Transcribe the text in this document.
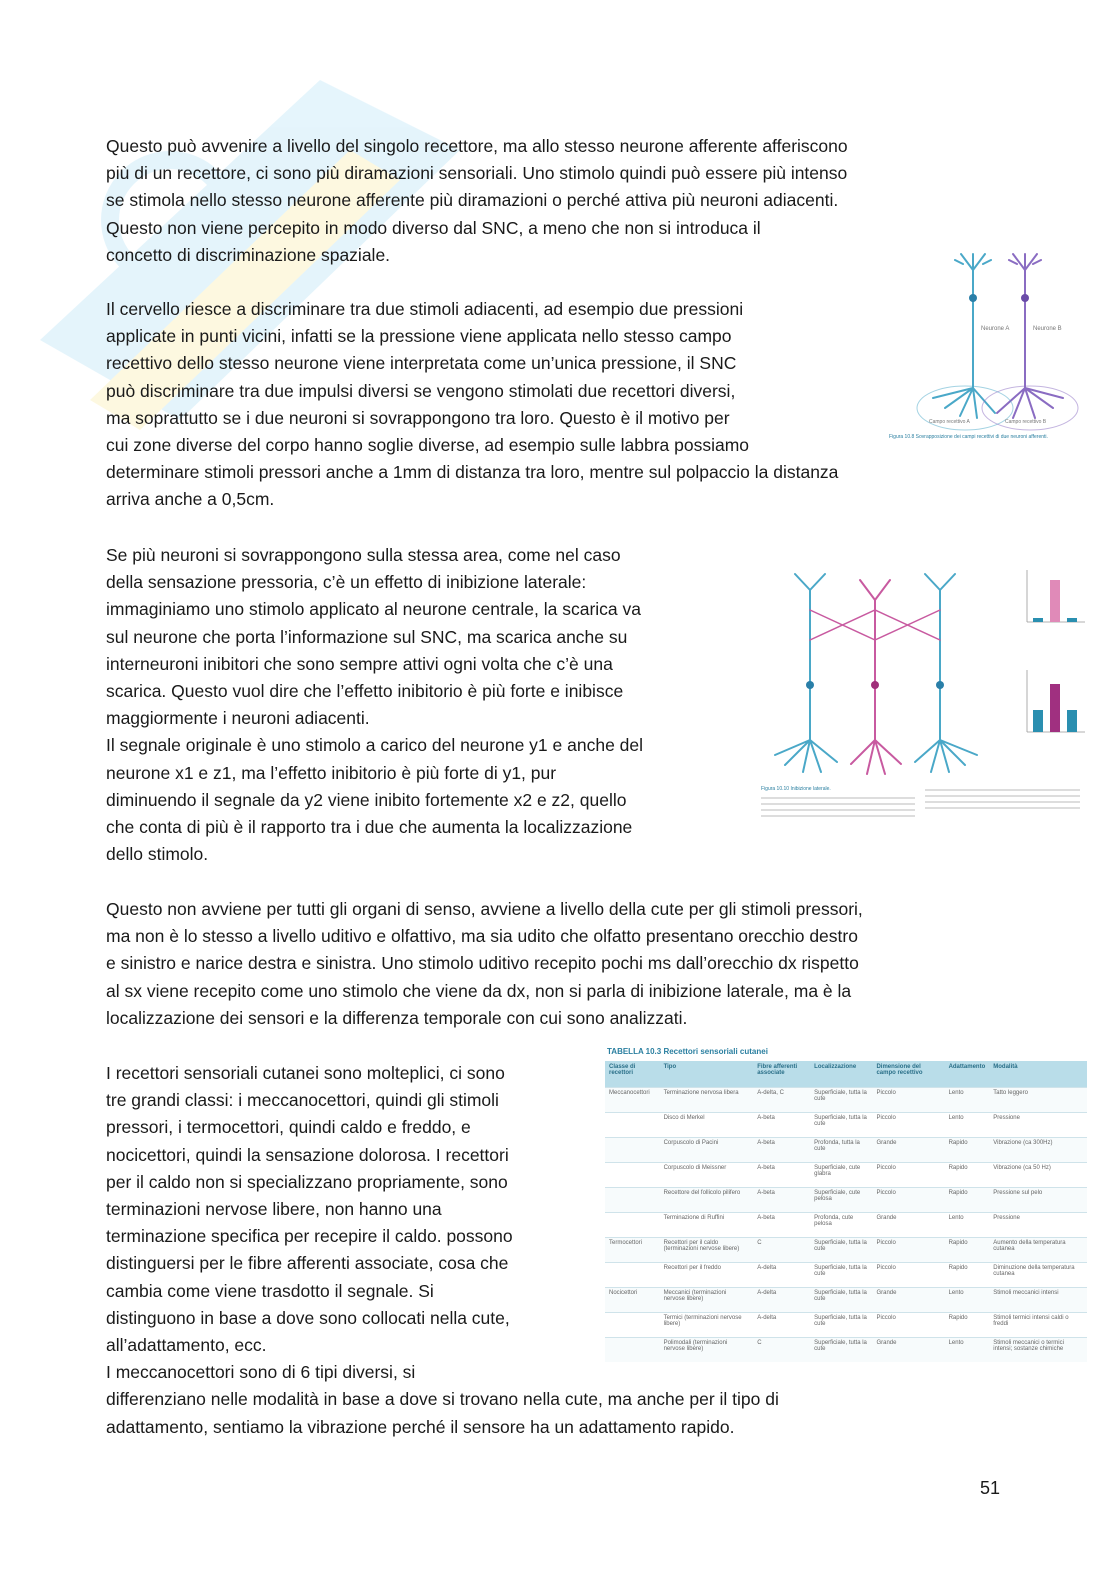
Questo può avvenire a livello del singolo recettore, ma allo stesso neurone afferente afferiscono
più di un recettore, ci sono più diramazioni sensoriali. Uno stimolo quindi può essere più intenso
se stimola nello stesso neurone afferente più diramazioni o perché attiva più neuroni adiacenti.
Questo non viene percepito in modo diverso dal SNC, a meno che non si introduca il
concetto di discriminazione spaziale.
Il cervello riesce a discriminare tra due stimoli adiacenti, ad esempio due pressioni
applicate in punti vicini, infatti se la pressione viene applicata nello stesso campo
recettivo dello stesso neurone viene interpretata come un’unica pressione, il SNC
può discriminare tra due impulsi diversi se vengono stimolati due recettori diversi,
ma soprattutto se i due neuroni si sovrappongono tra loro. Questo è il motivo per
cui zone diverse del corpo hanno soglie diverse, ad esempio sulle labbra possiamo
determinare stimoli pressori anche a 1mm di distanza tra loro, mentre sul polpaccio la distanza
arriva anche a 0,5cm.
Se più neuroni si sovrappongono sulla stessa area, come nel caso
della sensazione pressoria, c’è un effetto di inibizione laterale:
immaginiamo uno stimolo applicato al neurone centrale, la scarica va
sul neurone che porta l’informazione sul SNC, ma scarica anche su
interneuroni inibitori che sono sempre attivi ogni volta che c’è una
scarica. Questo vuol dire che l’effetto inibitorio è più forte e inibisce
maggiormente i neuroni adiacenti.
Il segnale originale è uno stimolo a carico del neurone y1 e anche del
neurone x1 e z1, ma l’effetto inibitorio è più forte di y1, pur
diminuendo il segnale da y2 viene inibito fortemente x2 e z2, quello
che conta di più è il rapporto tra i due che aumenta la localizzazione
dello stimolo.
Questo non avviene per tutti gli organi di senso, avviene a livello della cute per gli stimoli pressori,
ma non è lo stesso a livello uditivo e olfattivo, ma sia udito che olfatto presentano orecchio destro
e sinistro e narice destra e sinistra. Uno stimolo uditivo recepito pochi ms dall’orecchio dx rispetto
al sx viene recepito come uno stimolo che viene da dx, non si parla di inibizione laterale, ma è la
localizzazione dei sensori e la differenza temporale con cui sono analizzati.
I recettori sensoriali cutanei sono molteplici, ci sono
tre grandi classi: i meccanocettori, quindi gli stimoli
pressori, i termocettori, quindi caldo e freddo, e
nocicettori, quindi la sensazione dolorosa. I recettori
per il caldo non si specializzano propriamente, sono
terminazioni nervose libere, non hanno una
terminazione specifica per recepire il caldo. possono
distinguersi per le fibre afferenti associate, cosa che
cambia come viene trasdotto il segnale. Si
distinguono in base a dove sono collocati nella cute,
all’adattamento, ecc.
I meccanocettori sono di 6 tipi diversi, si
differenziano nelle modalità in base a dove si trovano nella cute, ma anche per il tipo di
adattamento, sentiamo la vibrazione perché il sensore ha un adattamento rapido.
Neurone A	Neurone B
Campo recettivo A	Campo recettivo B
Figura 10.8 Sovrapposizione dei campi recettivi di due neuroni afferenti.
Figura 10.10 Inibizione laterale.
TABELLA 10.3 Recettori sensoriali cutanei
Classe di recettori	Tipo	Fibre afferenti associate	Localizzazione	Dimensione del campo recettivo	Adattamento	Modalità
Meccanocettori	Terminazione nervosa libera	A-delta, C	Superficiale, tutta la cute	Piccolo	Lento	Tatto leggero
	Disco di Merkel	A-beta	Superficiale, tutta la cute	Piccolo	Lento	Pressione
	Corpuscolo di Pacini	A-beta	Profonda, tutta la cute	Grande	Rapido	Vibrazione (ca 300Hz)
	Corpuscolo di Meissner	A-beta	Superficiale, cute glabra	Piccolo	Rapido	Vibrazione (ca 50 Hz)
	Recettore del follicolo pilifero	A-beta	Superficiale, cute pelosa	Piccolo	Rapido	Pressione sul pelo
	Terminazione di Ruffini	A-beta	Profonda, cute pelosa	Grande	Lento	Pressione
Termocettori	Recettori per il caldo (terminazioni nervose libere)	C	Superficiale, tutta la cute	Piccolo	Rapido	Aumento della temperatura cutanea
	Recettori per il freddo	A-delta	Superficiale, tutta la cute	Piccolo	Rapido	Diminuzione della temperatura cutanea
Nocicettori	Meccanici (terminazioni nervose libere)	A-delta	Superficiale, tutta la cute	Grande	Lento	Stimoli meccanici intensi
	Termici (terminazioni nervose libere)	A-delta	Superficiale, tutta la cute	Piccolo	Rapido	Stimoli termici intensi caldi o freddi
	Polimodali (terminazioni nervose libere)	C	Superficiale, tutta la cute	Grande	Lento	Stimoli meccanici o termici intensi; sostanze chimiche
51
